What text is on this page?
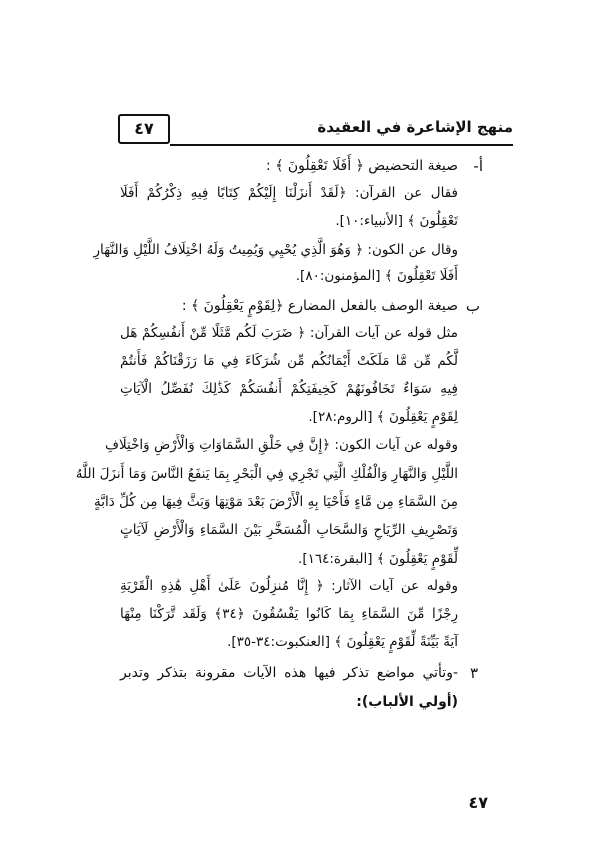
٤٧	منهج الإشاعرة في العقيدة
أ-
صيغة التحضيض ﴿ أَفَلَا تَعْقِلُونَ ﴾ :
فقال عن القرآن: ﴿لَقَدْ أَنزَلْنَا إِلَيْكُمْ كِتَابًا فِيهِ ذِكْرُكُمْ أَفَلَا
تَعْقِلُونَ ﴾ [الأنبياء:١٠].
وقال عن الكون: ﴿ وَهُوَ الَّذِي يُحْيِي وَيُمِيتُ وَلَهُ اخْتِلَافُ اللَّيْلِ وَالنَّهَارِ
أَفَلَا تَعْقِلُونَ ﴾ [المؤمنون:٨٠].
ب
صيغة الوصف بالفعل المضارع ﴿لِقَوْمٍ يَعْقِلُونَ ﴾ :
مثل قوله عن آيات القرآن: ﴿ ضَرَبَ لَكُم مَّثَلًا مِّنْ أَنفُسِكُمْ هَل
لَّكُم مِّن مَّا مَلَكَتْ أَيْمَانُكُم مِّن شُرَكَاءَ فِي مَا رَزَقْنَاكُمْ فَأَنتُمْ
فِيهِ سَوَاءٌ تَخَافُونَهُمْ كَخِيفَتِكُمْ أَنفُسَكُمْ كَذَٰلِكَ نُفَصِّلُ الْآيَاتِ
لِقَوْمٍ يَعْقِلُونَ ﴾ [الروم:٢٨].
وقوله عن آيات الكون: ﴿إِنَّ فِي خَلْقِ السَّمَاوَاتِ وَالْأَرْضِ وَاخْتِلَافِ
اللَّيْلِ وَالنَّهَارِ وَالْفُلْكِ الَّتِي تَجْرِي فِي الْبَحْرِ بِمَا يَنفَعُ النَّاسَ وَمَا أَنزَلَ اللَّهُ
مِنَ السَّمَاءِ مِن مَّاءٍ فَأَحْيَا بِهِ الْأَرْضَ بَعْدَ مَوْتِهَا وَبَثَّ فِيهَا مِن كُلِّ دَابَّةٍ
وَتَصْرِيفِ الرِّيَاحِ وَالسَّحَابِ الْمُسَخَّرِ بَيْنَ السَّمَاءِ وَالْأَرْضِ لَآيَاتٍ
لِّقَوْمٍ يَعْقِلُونَ ﴾ [البقرة:١٦٤].
وقوله عن آيات الآثار: ﴿ إِنَّا مُنزِلُونَ عَلَىٰ أَهْلِ هَٰذِهِ الْقَرْيَةِ
رِجْزًا مِّنَ السَّمَاءِ بِمَا كَانُوا يَفْسُقُونَ ﴿٣٤﴾ وَلَقَد تَّرَكْنَا مِنْهَا
آيَةً بَيِّنَةً لِّقَوْمٍ يَعْقِلُونَ ﴾ [العنكبوت:٣٤-٣٥].
٣
-وتأتي مواضع تذكر فيها هذه الآيات مقرونة بتذكر وتدبر
(أولي الألباب):
٤٧
